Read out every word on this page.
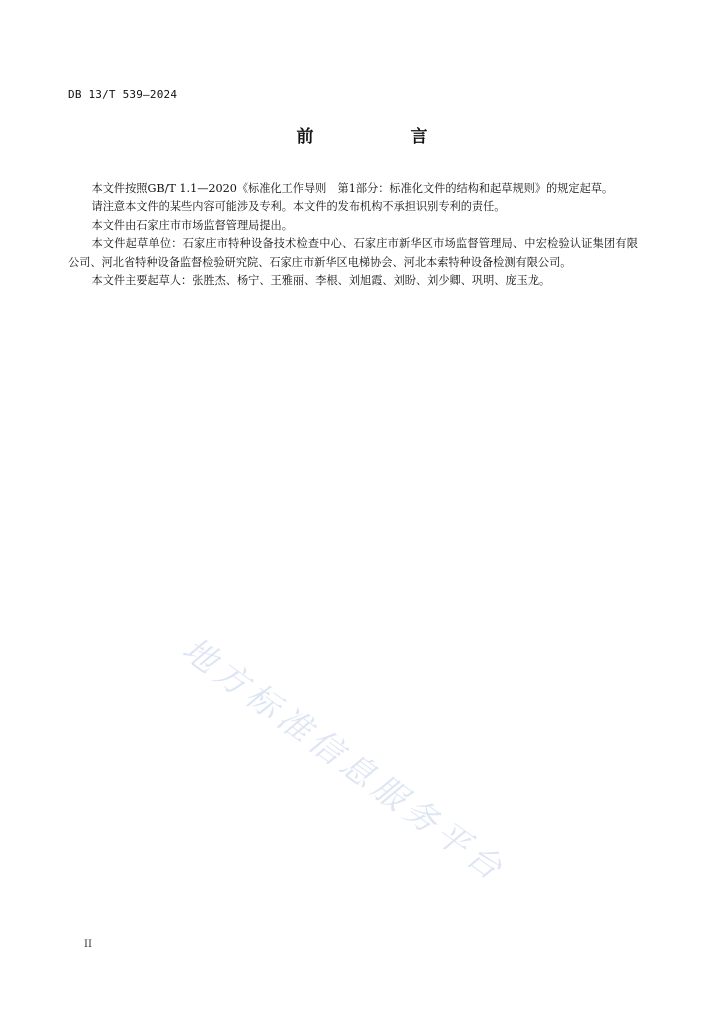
DB 13/T 539—2024
前　言

本文件按照GB/T 1.1—2020《标准化工作导则　第1部分：标准化文件的结构和起草规则》的规定起草。

请注意本文件的某些内容可能涉及专利。本文件的发布机构不承担识别专利的责任。

本文件由石家庄市市场监督管理局提出。

本文件起草单位：石家庄市特种设备技术检查中心、石家庄市新华区市场监督管理局、中宏检验认证集团有限公司、河北省特种设备监督检验研究院、石家庄市新华区电梯协会、河北本索特种设备检测有限公司。

本文件主要起草人：张胜杰、杨宁、王雅丽、李根、刘旭霞、刘盼、刘少卿、巩明、庞玉龙。

地方标准信息服务平台
II
